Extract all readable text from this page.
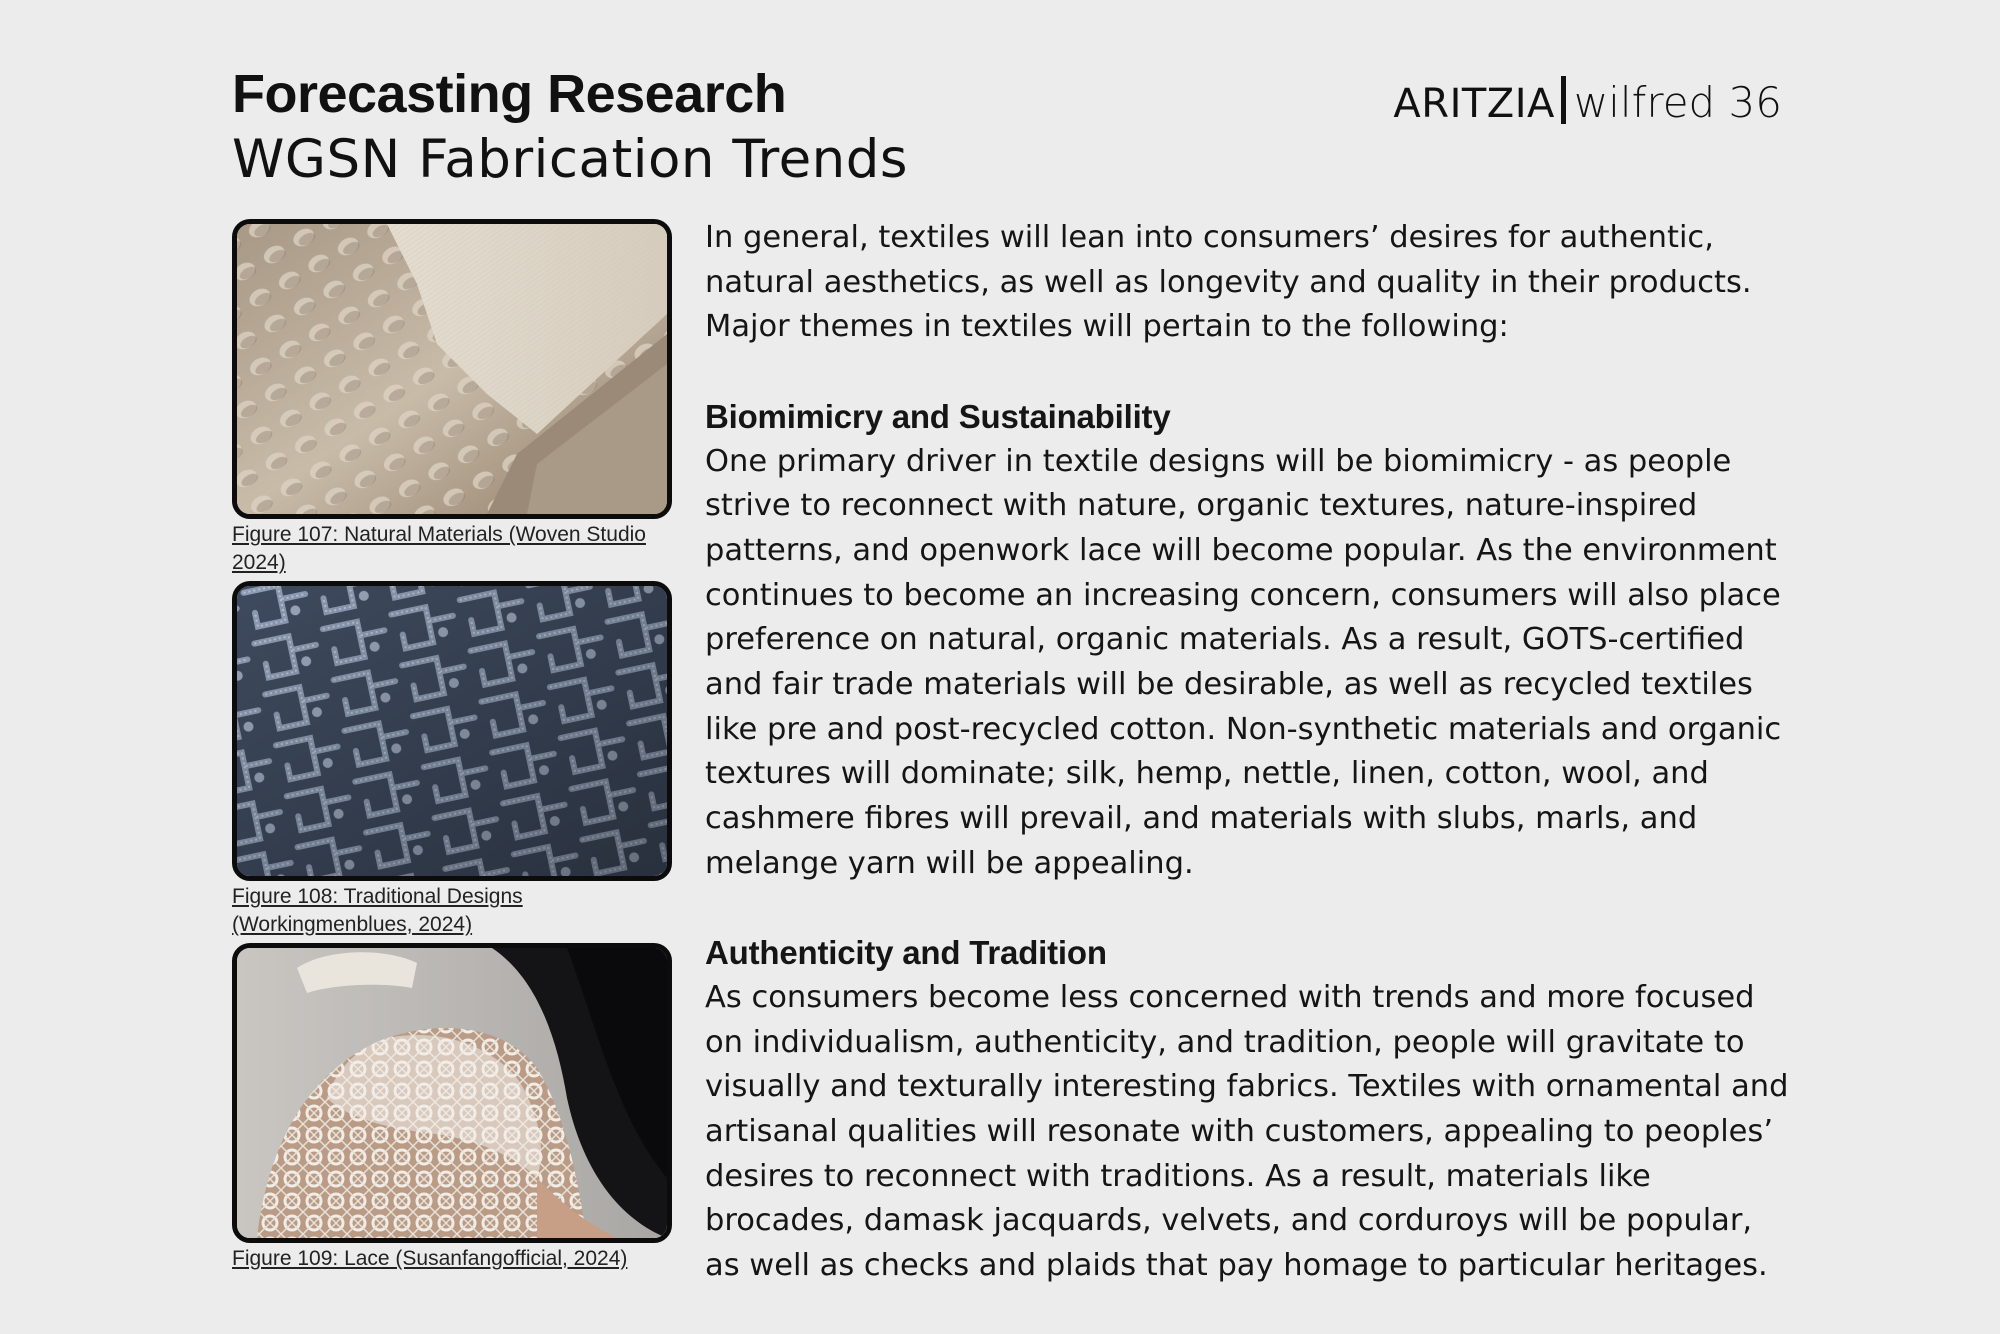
Forecasting Research
WGSN Fabrication Trends
ARITZIA wilfred 36
Figure 107: Natural Materials (Woven Studio 2024)
Figure 108: Traditional Designs (Workingmenblues, 2024)
Figure 109: Lace (Susanfangofficial, 2024)

In general, textiles will lean into consumers’ desires for authentic, natural aesthetics, as well as longevity and quality in their products. Major themes in textiles will pertain to the following:

Biomimicry and Sustainability

One primary driver in textile designs will be biomimicry - as people strive to reconnect with nature, organic textures, nature-inspired patterns, and openwork lace will become popular. As the environment continues to become an increasing concern, consumers will also place preference on natural, organic materials. As a result, GOTS-certified and fair trade materials will be desirable, as well as recycled textiles like pre and post-recycled cotton. Non-synthetic materials and organic textures will dominate; silk, hemp, nettle, linen, cotton, wool, and cashmere fibres will prevail, and materials with slubs, marls, and melange yarn will be appealing.

Authenticity and Tradition

As consumers become less concerned with trends and more focused on individualism, authenticity, and tradition, people will gravitate to visually and texturally interesting fabrics. Textiles with ornamental and artisanal qualities will resonate with customers, appealing to peoples’ desires to reconnect with traditions. As a result, materials like brocades, damask jacquards, velvets, and corduroys will be popular, as well as checks and plaids that pay homage to particular heritages.
